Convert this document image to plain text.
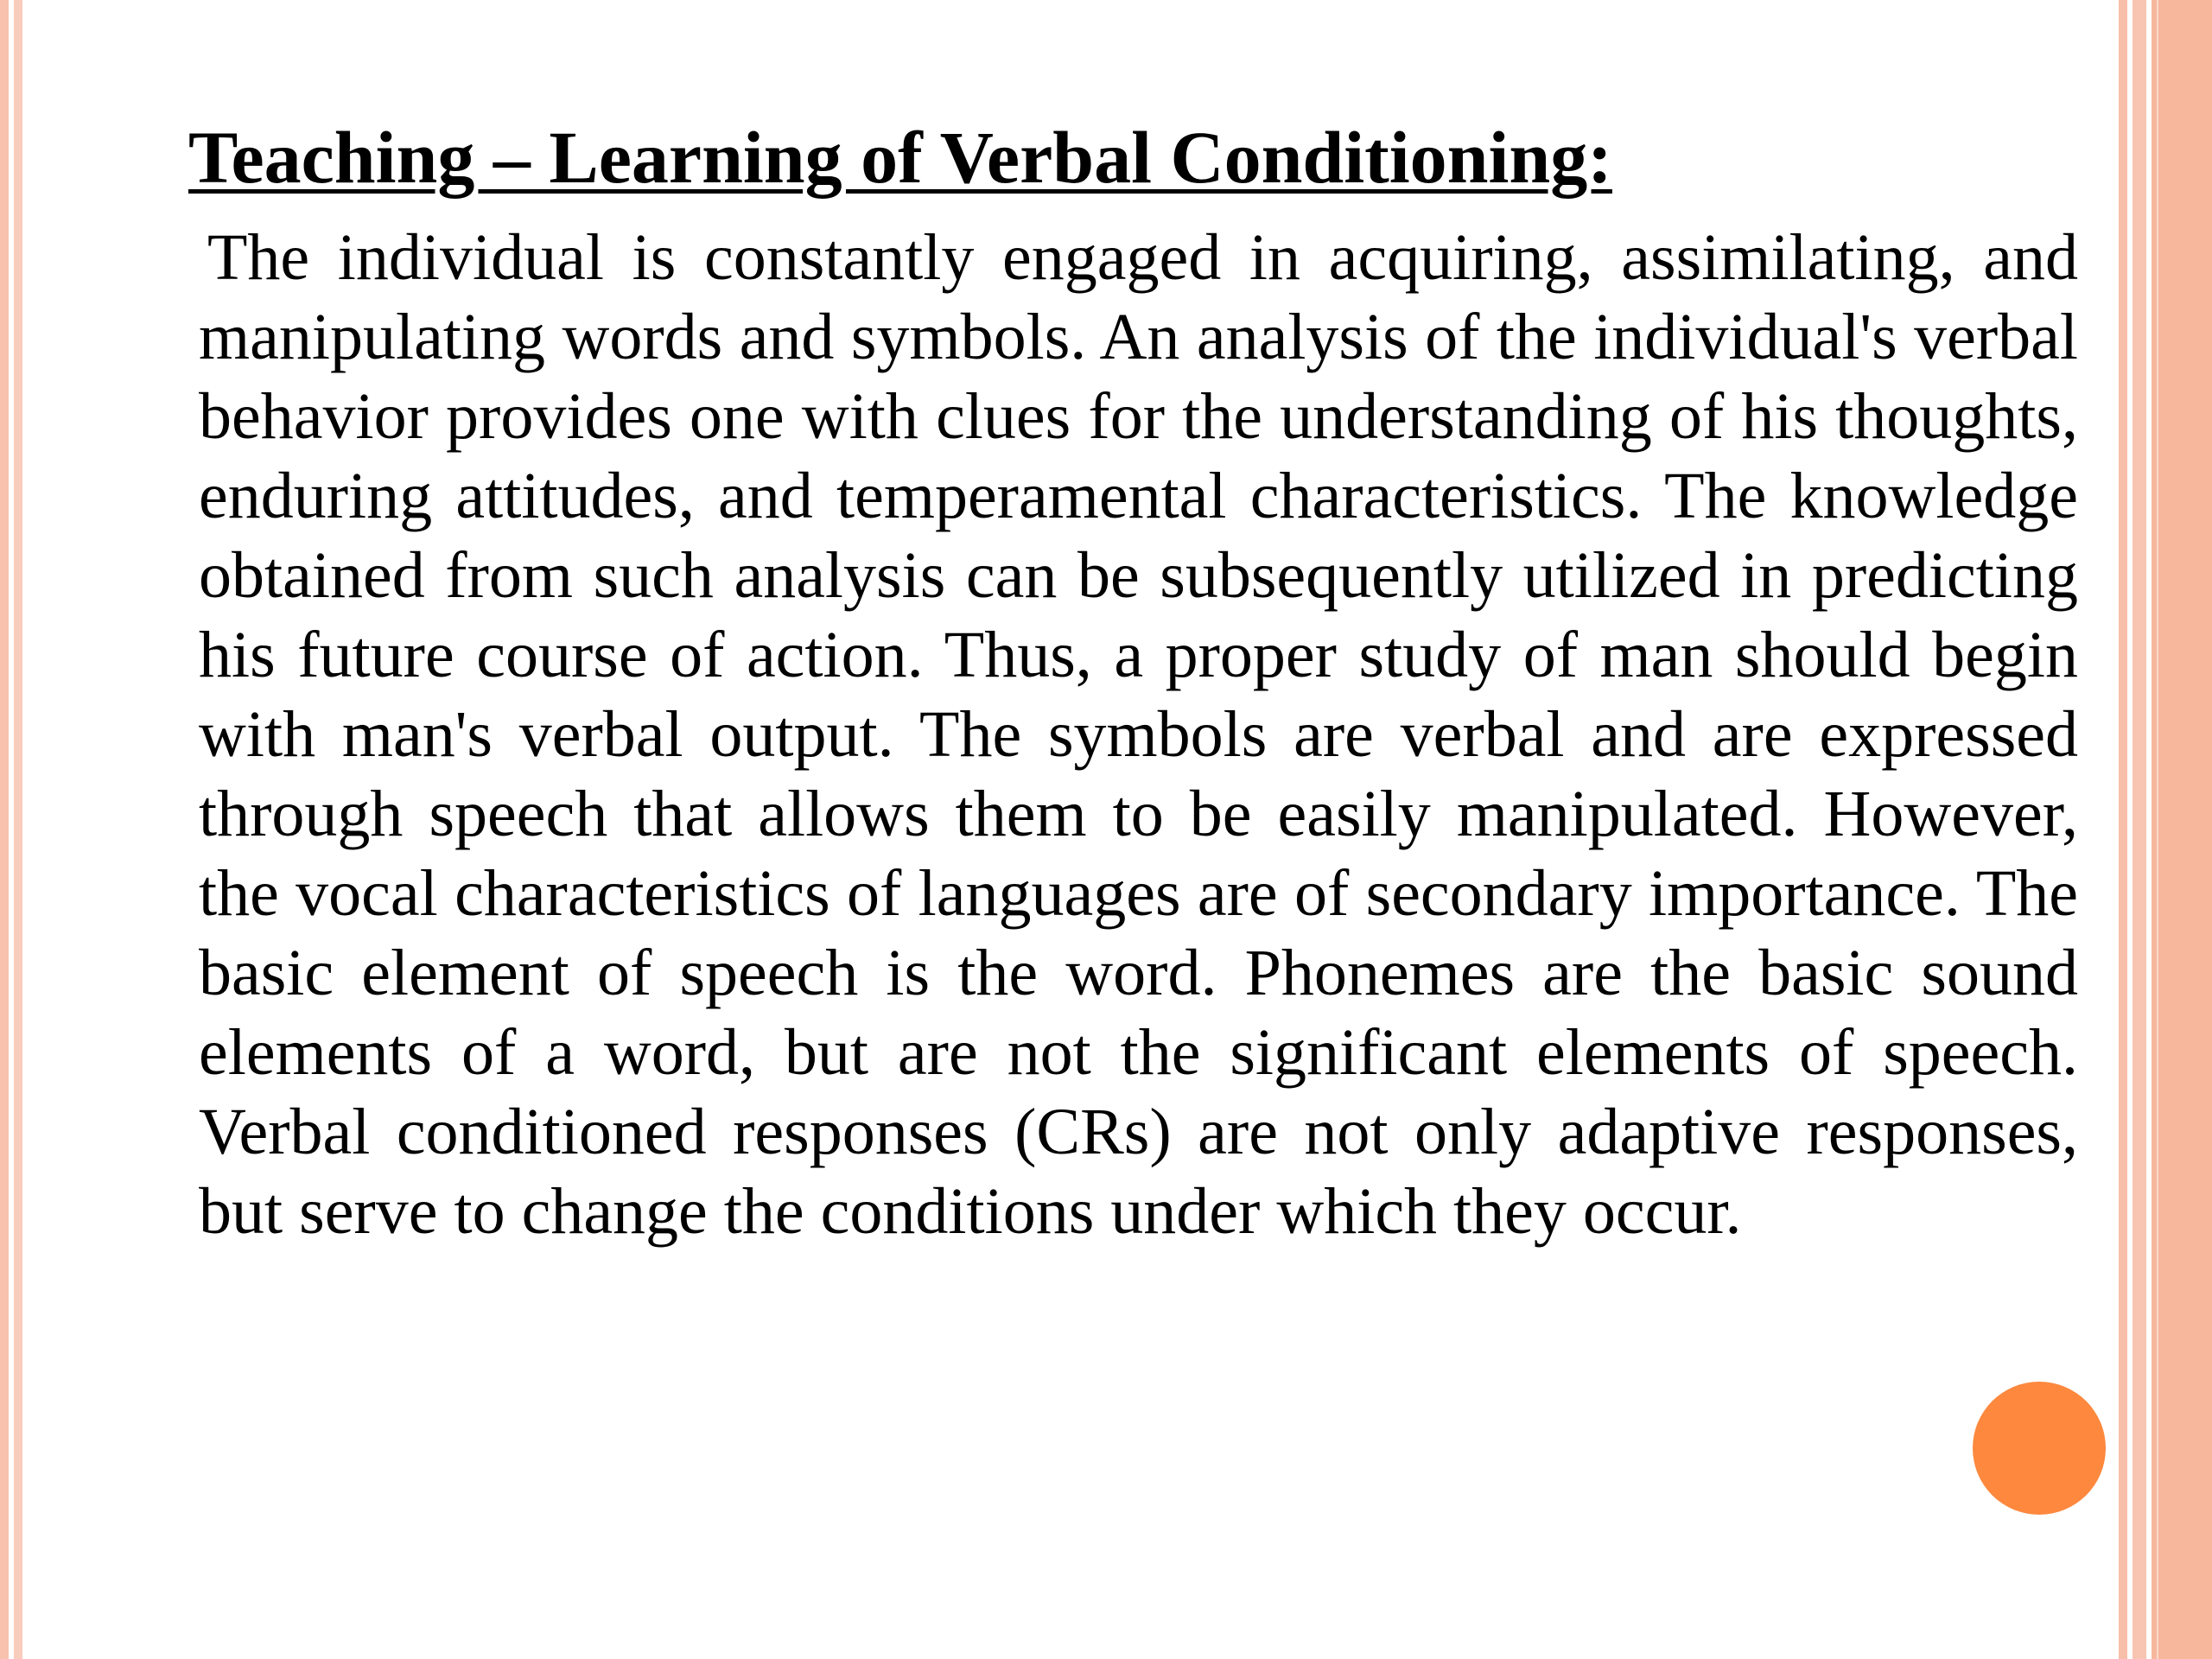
Teaching – Learning of Verbal Conditioning:

The individual is constantly engaged in acquiring, assimilating, and manipulating words and symbols. An analysis of the individual's verbal behavior provides one with clues for the understanding of his thoughts, enduring attitudes, and temperamental characteristics. The knowledge obtained from such analysis can be subsequently utilized in predicting his future course of action. Thus, a proper study of man should begin with man's verbal output. The symbols are verbal and are expressed through speech that allows them to be easily manipulated. However, the vocal characteristics of languages are of secondary importance. The basic element of speech is the word. Phonemes are the basic sound elements of a word, but are not the significant elements of speech. Verbal conditioned responses (CRs) are not only adaptive responses, but serve to change the conditions under which they occur.
